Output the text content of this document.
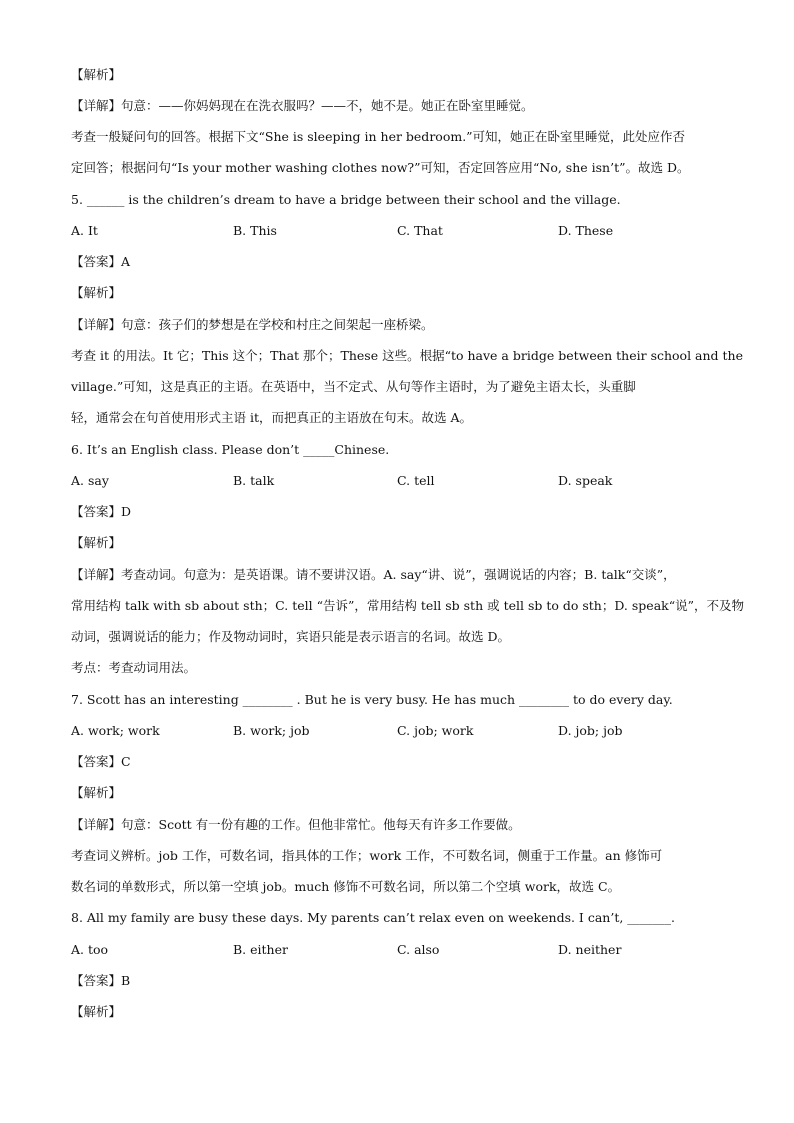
【解析】
【详解】句意：——你妈妈现在在洗衣服吗？——不，她不是。她正在卧室里睡觉。
考查一般疑问句的回答。根据下文“She is sleeping in her bedroom.”可知，她正在卧室里睡觉，此处应作否
定回答；根据问句“Is your mother washing clothes now?”可知，否定回答应用“No, she isn’t”。故选 D。
5. ______ is the children’s dream to have a bridge between their school and the village.
A. It	B. This	C. That	D. These
【答案】A
【解析】
【详解】句意：孩子们的梦想是在学校和村庄之间架起一座桥梁。
考查 it 的用法。It 它；This 这个；That 那个；These 这些。根据“to have a bridge between their school and the
village.”可知，这是真正的主语。在英语中，当不定式、从句等作主语时，为了避免主语太长，头重脚
轻，通常会在句首使用形式主语 it，而把真正的主语放在句末。故选 A。
6. It’s an English class. Please don’t _____Chinese.
A. say	B. talk	C. tell	D. speak
【答案】D
【解析】
【详解】考查动词。句意为：是英语课。请不要讲汉语。A. say“讲、说”，强调说话的内容；B. talk“交谈”，
常用结构 talk with sb about sth；C. tell “告诉”，常用结构 tell sb sth 或 tell sb to do sth；D. speak“说”，不及物
动词，强调说话的能力；作及物动词时，宾语只能是表示语言的名词。故选 D。
考点：考查动词用法。
7. Scott has an interesting ________ . But he is very busy. He has much ________ to do every day.
A. work; work	B. work; job	C. job; work	D. job; job
【答案】C
【解析】
【详解】句意：Scott 有一份有趣的工作。但他非常忙。他每天有许多工作要做。
考查词义辨析。job 工作，可数名词，指具体的工作；work 工作，不可数名词，侧重于工作量。an 修饰可
数名词的单数形式，所以第一空填 job。much 修饰不可数名词，所以第二个空填 work，故选 C。
8. All my family are busy these days. My parents can’t relax even on weekends. I can’t, _______.
A. too	B. either	C. also	D. neither
【答案】B
【解析】
